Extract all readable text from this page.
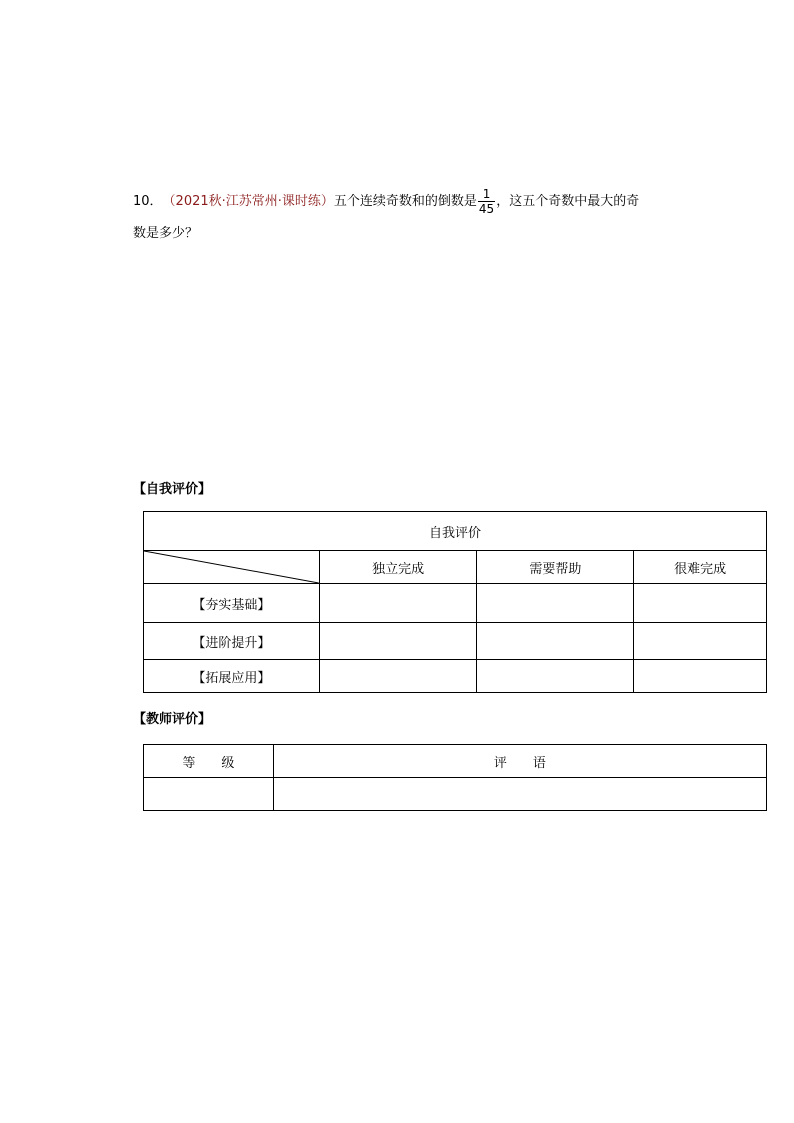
10． （2021秋·江苏常州·课时练） 五个连续奇数和的倒数是 $\frac{1}{45}$ ，这五个奇数中最大的奇
数是多少？
【自我评价】
自我评价			

	独立完成	需要帮助	很难完成
【夯实基础】			
【进阶提升】			
【拓展应用】			
【教师评价】
等　　级	评　　语
